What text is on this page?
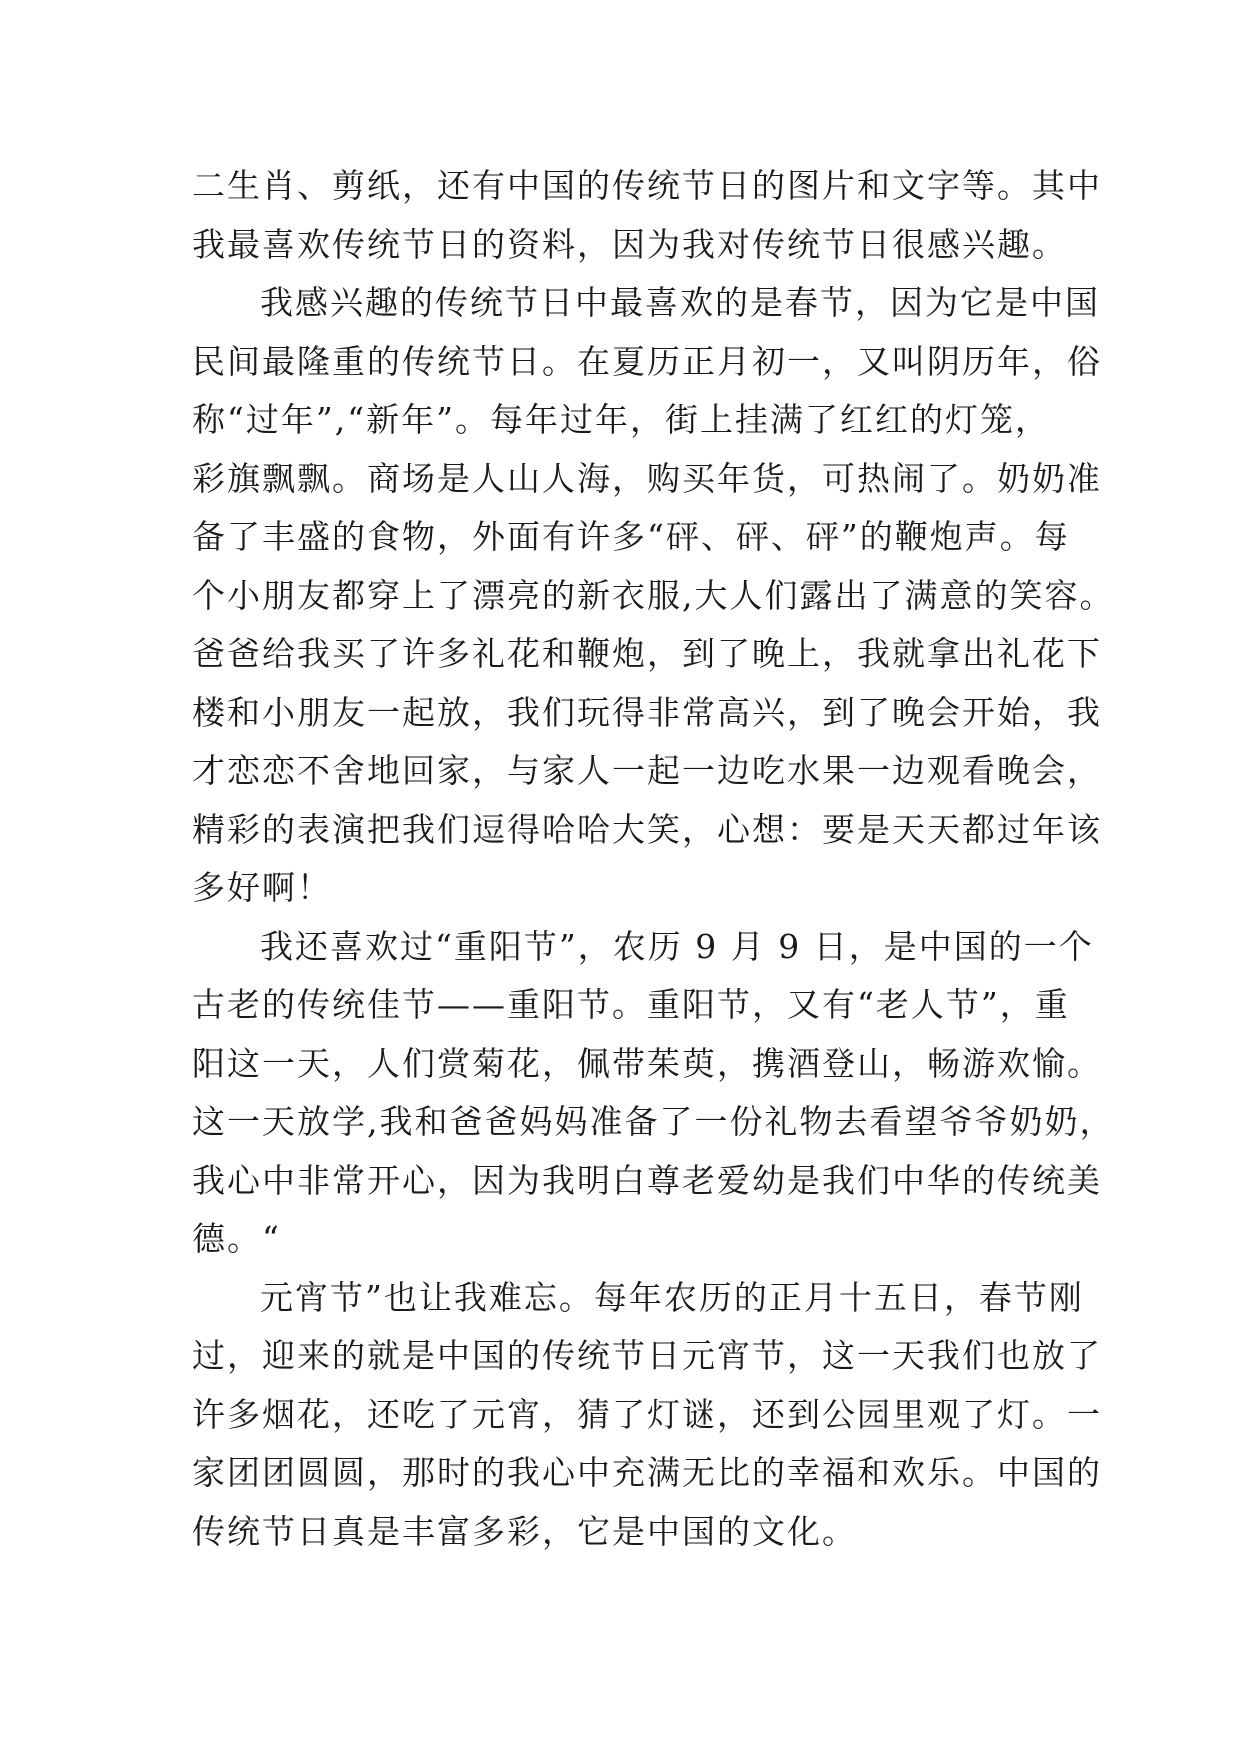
二生肖、剪纸，还有中国的传统节日的图片和文字等。其中
我最喜欢传统节日的资料，因为我对传统节日很感兴趣。
我感兴趣的传统节日中最喜欢的是春节，因为它是中国
民间最隆重的传统节日。在夏历正月初一，又叫阴历年，俗
称“过年”,“新年”。每年过年，街上挂满了红红的灯笼，
彩旗飘飘。商场是人山人海，购买年货，可热闹了。奶奶准
备了丰盛的食物，外面有许多“砰、砰、砰”的鞭炮声。每
个小朋友都穿上了漂亮的新衣服,大人们露出了满意的笑容。
爸爸给我买了许多礼花和鞭炮，到了晚上，我就拿出礼花下
楼和小朋友一起放，我们玩得非常高兴，到了晚会开始，我
才恋恋不舍地回家，与家人一起一边吃水果一边观看晚会，
精彩的表演把我们逗得哈哈大笑，心想：要是天天都过年该
多好啊！
我还喜欢过“重阳节”，农历 9 月 9 日，是中国的一个
古老的传统佳节——重阳节。重阳节，又有“老人节”，重
阳这一天，人们赏菊花，佩带茱萸，携酒登山，畅游欢愉。
这一天放学,我和爸爸妈妈准备了一份礼物去看望爷爷奶奶，
我心中非常开心，因为我明白尊老爱幼是我们中华的传统美
德。“
元宵节”也让我难忘。每年农历的正月十五日，春节刚
过，迎来的就是中国的传统节日元宵节，这一天我们也放了
许多烟花，还吃了元宵，猜了灯谜，还到公园里观了灯。一
家团团圆圆，那时的我心中充满无比的幸福和欢乐。中国的
传统节日真是丰富多彩，它是中国的文化。
